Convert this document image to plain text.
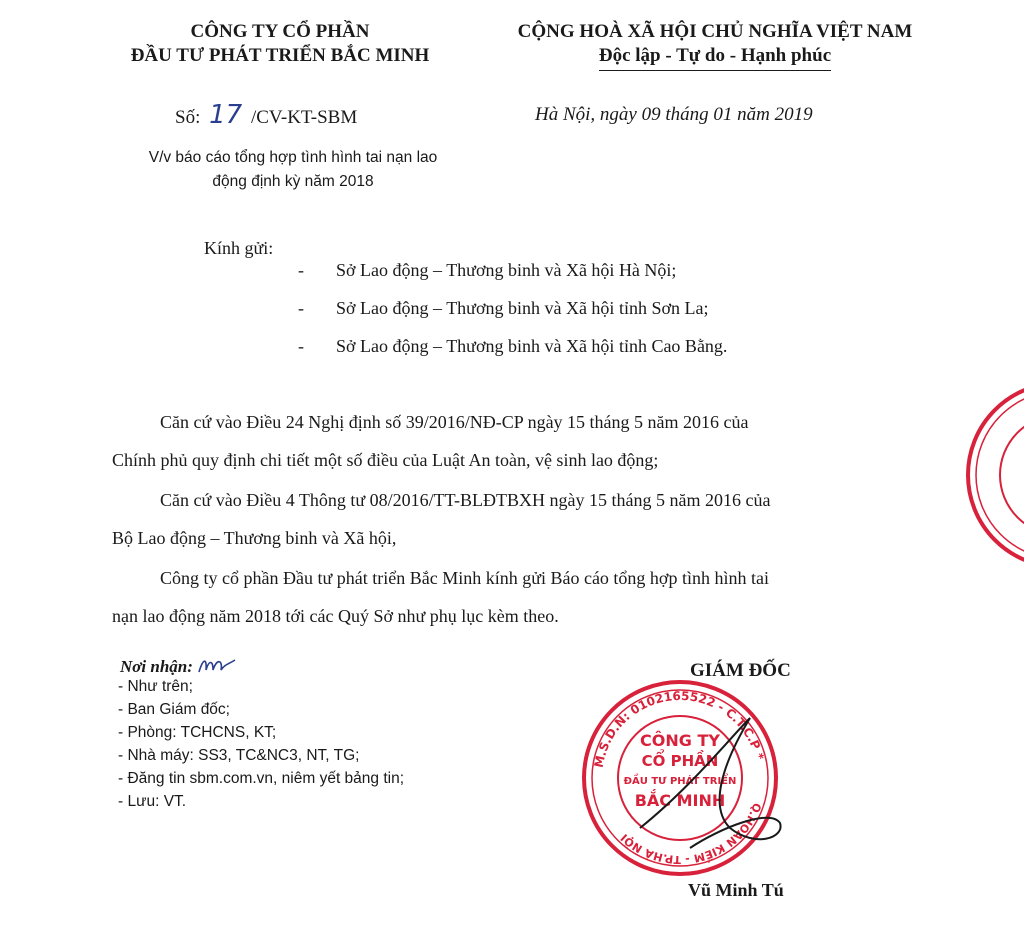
CÔNG TY CỔ PHẦN
ĐẦU TƯ PHÁT TRIỂN BẮC MINH
Số: 17 /CV-KT-SBM
V/v báo cáo tổng hợp tình hình tai nạn lao
động định kỳ năm 2018
CỘNG HOÀ XÃ HỘI CHỦ NGHĨA VIỆT NAM
Độc lập - Tự do - Hạnh phúc
Hà Nội, ngày 09 tháng 01 năm 2019
Kính gửi:
- Sở Lao động – Thương binh và Xã hội Hà Nội;
- Sở Lao động – Thương binh và Xã hội tỉnh Sơn La;
- Sở Lao động – Thương binh và Xã hội tỉnh Cao Bằng.
Căn cứ vào Điều 24 Nghị định số 39/2016/NĐ-CP ngày 15 tháng 5 năm 2016 của
Chính phủ quy định chi tiết một số điều của Luật An toàn, vệ sinh lao động;
Căn cứ vào Điều 4 Thông tư 08/2016/TT-BLĐTBXH ngày 15 tháng 5 năm 2016 của
Bộ Lao động – Thương binh và Xã hội,
Công ty cổ phần Đầu tư phát triển Bắc Minh kính gửi Báo cáo tổng hợp tình hình tai
nạn lao động năm 2018 tới các Quý Sở như phụ lục kèm theo.
Nơi nhận:
- Như trên;
- Ban Giám đốc;
- Phòng: TCHCNS, KT;
- Nhà máy: SS3, TC&NC3, NT, TG;
- Đăng tin sbm.com.vn, niêm yết bảng tin;
- Lưu: VT.
GIÁM ĐỐC
M.S.D.N: 0102165522 - C.T.C.P *
Q.HOÀN KIẾM - TP.HÀ NỘI
CÔNG TY
CỔ PHẦN
ĐẦU TƯ PHÁT TRIỂN
BẮC MINH
Vũ Minh Tú
